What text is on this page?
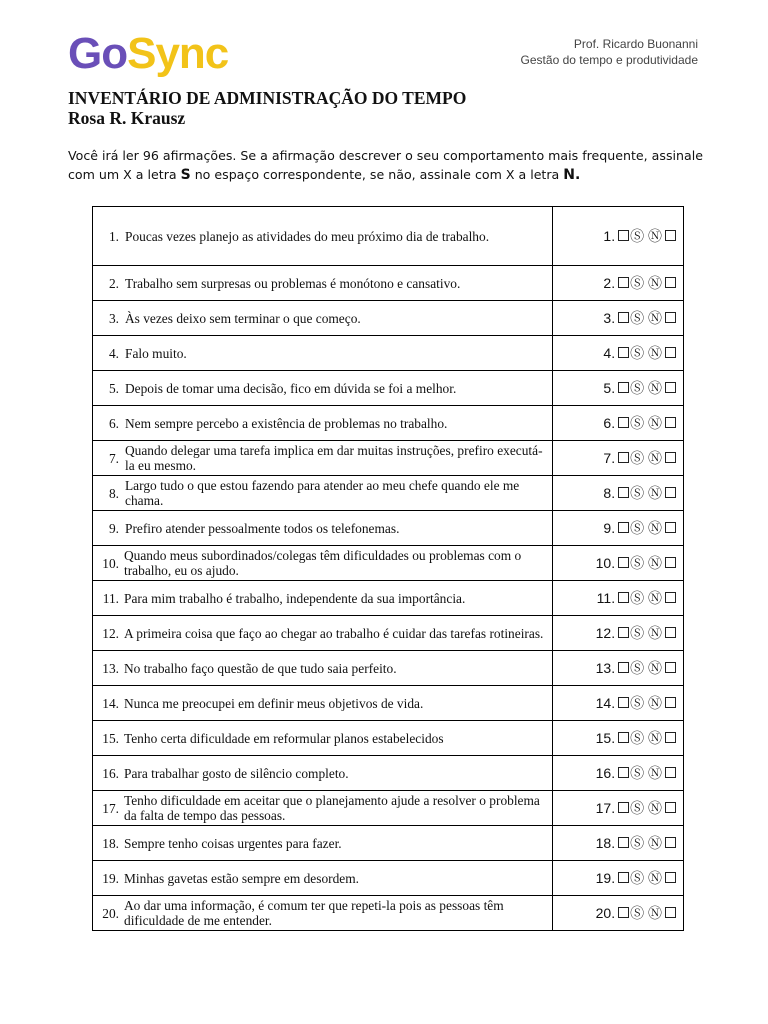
GoSync	Prof. Ricardo Buonanni
Gestão do tempo e produtividade
INVENTÁRIO DE ADMINISTRAÇÃO DO TEMPO
Rosa R. Krausz
Você irá ler 96 afirmações. Se a afirmação descrever o seu comportamento mais frequente, assinale com um X a letra S no espaço correspondente, se não, assinale com X a letra N.
1. Poucas vezes planejo as atividades do meu próximo dia de trabalho.	1. Ⓢ Ⓝ

2. Trabalho sem surpresas ou problemas é monótono e cansativo.	2. Ⓢ Ⓝ

3. Às vezes deixo sem terminar o que começo.	3. Ⓢ Ⓝ

4. Falo muito.	4. Ⓢ Ⓝ

5. Depois de tomar uma decisão, fico em dúvida se foi a melhor.	5. Ⓢ Ⓝ

6. Nem sempre percebo a existência de problemas no trabalho.	6. Ⓢ Ⓝ

7. Quando delegar uma tarefa implica em dar muitas instruções, prefiro executá-la eu mesmo.	7. Ⓢ Ⓝ

8. Largo tudo o que estou fazendo para atender ao meu chefe quando ele me chama.	8. Ⓢ Ⓝ

9. Prefiro atender pessoalmente todos os telefonemas.	9. Ⓢ Ⓝ

10. Quando meus subordinados/colegas têm dificuldades ou problemas com o trabalho, eu os ajudo.	10. Ⓢ Ⓝ

11. Para mim trabalho é trabalho, independente da sua importância.	11. Ⓢ Ⓝ

12. A primeira coisa que faço ao chegar ao trabalho é cuidar das tarefas rotineiras.	12. Ⓢ Ⓝ

13. No trabalho faço questão de que tudo saia perfeito.	13. Ⓢ Ⓝ

14. Nunca me preocupei em definir meus objetivos de vida.	14. Ⓢ Ⓝ

15. Tenho certa dificuldade em reformular planos estabelecidos	15. Ⓢ Ⓝ

16. Para trabalhar gosto de silêncio completo.	16. Ⓢ Ⓝ

17. Tenho dificuldade em aceitar que o planejamento ajude a resolver o problema da falta de tempo das pessoas.	17. Ⓢ Ⓝ

18. Sempre tenho coisas urgentes para fazer.	18. Ⓢ Ⓝ

19. Minhas gavetas estão sempre em desordem.	19. Ⓢ Ⓝ

20. Ao dar uma informação, é comum ter que repeti-la pois as pessoas têm dificuldade de me entender.	20. Ⓢ Ⓝ
